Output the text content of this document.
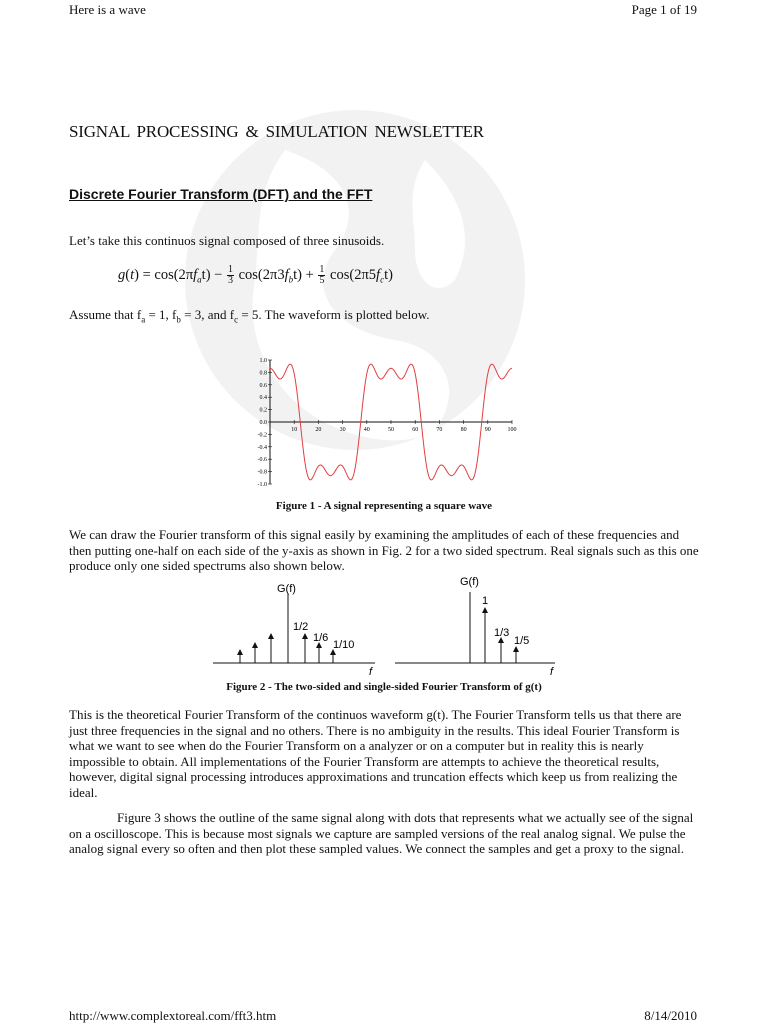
Here is a wave	Page 1 of 19
SIGNAL PROCESSING & SIMULATION NEWSLETTER
Discrete Fourier Transform (DFT) and the FFT
Let’s take this continuos signal composed of three sinusoids.
$g(t) = \cos(2\pi f_at) - \frac{1}{3} \cos(2\pi 3f_bt) + \frac{1}{5} \cos(2\pi 5f_ct)$
Assume that $f_a = 1$, $f_b = 3$, and $f_c = 5$. The waveform is plotted below.
1.0
0.8
0.6
0.4
0.2
0.0
-0.2
-0.4
-0.6
-0.8
-1.0
10	20	30	40	50	60	70	80	90	100
Figure 1 - A signal representing a square wave
We can draw the Fourier transform of this signal easily by examining the amplitudes of each of these frequencies and then putting one-half on each side of the y-axis as shown in Fig. 2 for a two sided spectrum. Real signals such as this one produce only one sided spectrums also shown below.
G(f)
f
1/2
1/6
1/10
G(f)
f
1
1/3
1/5
Figure 2 - The two-sided and single-sided Fourier Transform of g(t)
This is the theoretical Fourier Transform of the continuos waveform g(t). The Fourier Transform tells us that there are just three frequencies in the signal and no others. There is no ambiguity in the results. This ideal Fourier Transform is what we want to see when do the Fourier Transform on a analyzer or on a computer but in reality this is nearly impossible to obtain. All implementations of the Fourier Transform are attempts to achieve the theoretical results, however, digital signal processing introduces approximations and truncation effects which keep us from realizing the ideal.
Figure 3 shows the outline of the same signal along with dots that represents what we actually see of the signal on a oscilloscope. This is because most signals we capture are sampled versions of the real analog signal. We pulse the analog signal every so often and then plot these sampled values. We connect the samples and get a proxy to the signal.
http://www.complextoreal.com/fft3.htm	8/14/2010
